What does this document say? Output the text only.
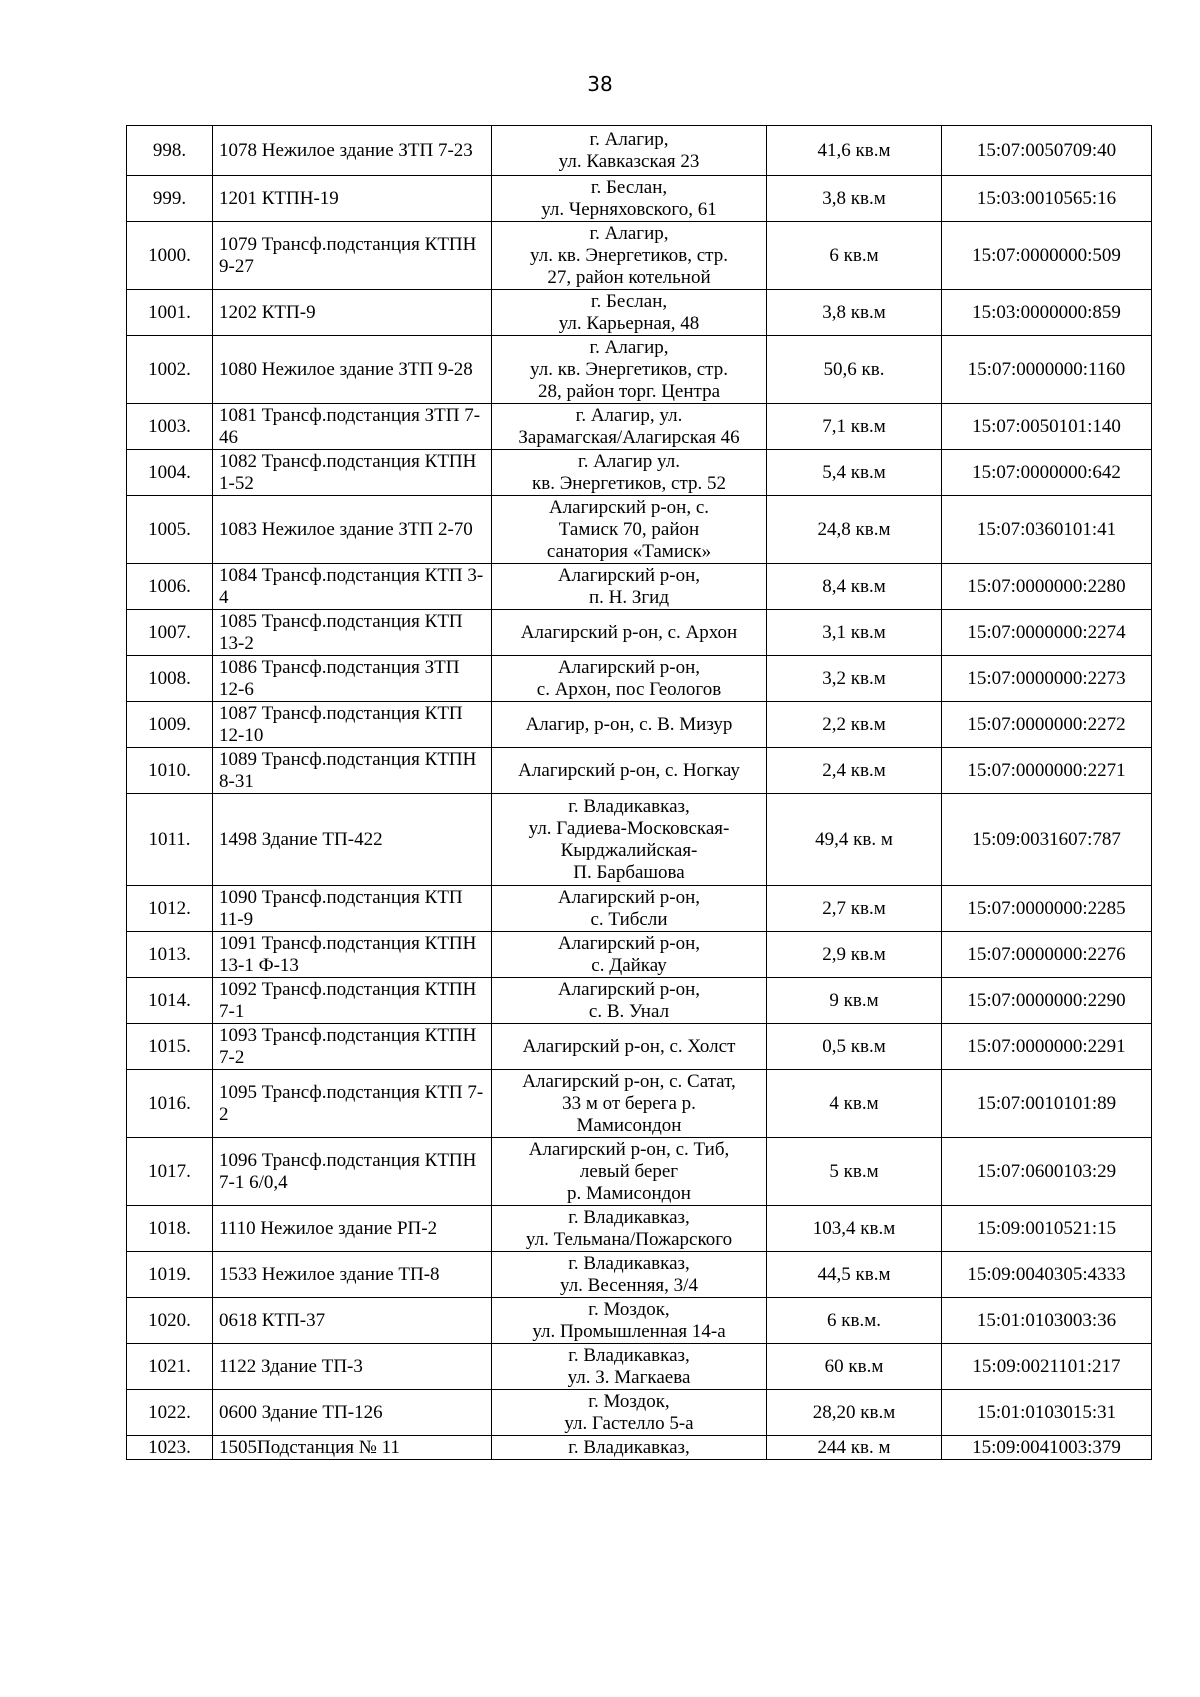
38
998.	1078 Нежилое здание ЗТП 7-23	г. Алагир,
ул. Кавказская 23	41,6 кв.м	15:07:0050709:40
999.	1201 КТПН-19	г. Беслан,
ул. Черняховского, 61	3,8 кв.м	15:03:0010565:16
1000.	1079 Трансф.подстанция КТПН 9-27	г. Алагир,
ул. кв. Энергетиков, стр.
27, район котельной	6 кв.м	15:07:0000000:509
1001.	1202 КТП-9	г. Беслан,
ул. Карьерная, 48	3,8 кв.м	15:03:0000000:859
1002.	1080 Нежилое здание ЗТП 9-28	г. Алагир,
ул. кв. Энергетиков, стр.
28, район торг. Центра	50,6 кв.	15:07:0000000:1160
1003.	1081 Трансф.подстанция ЗТП 7-46	г. Алагир, ул.
Зарамагская/Алагирская 46	7,1 кв.м	15:07:0050101:140
1004.	1082 Трансф.подстанция КТПН 1-52	г. Алагир ул.
кв. Энергетиков, стр. 52	5,4 кв.м	15:07:0000000:642
1005.	1083 Нежилое здание ЗТП 2-70	Алагирский р-он, с.
Тамиск 70, район
санатория «Тамиск»	24,8 кв.м	15:07:0360101:41
1006.	1084 Трансф.подстанция КТП 3-4	Алагирский р-он,
п. Н. Згид	8,4 кв.м	15:07:0000000:2280
1007.	1085 Трансф.подстанция КТП 13-2	Алагирский р-он, с. Архон	3,1 кв.м	15:07:0000000:2274
1008.	1086 Трансф.подстанция ЗТП 12-6	Алагирский р-он,
с. Архон, пос Геологов	3,2 кв.м	15:07:0000000:2273
1009.	1087 Трансф.подстанция КТП 12-10	Алагир, р-он, с. В. Мизур	2,2 кв.м	15:07:0000000:2272
1010.	1089 Трансф.подстанция КТПН 8-31	Алагирский р-он, с. Ногкау	2,4 кв.м	15:07:0000000:2271
1011.	1498 Здание ТП-422	г. Владикавказ,
ул. Гадиева-Московская-
Кырджалийская-
П. Барбашова	49,4 кв. м	15:09:0031607:787
1012.	1090 Трансф.подстанция КТП 11-9	Алагирский р-он,
с. Тибсли	2,7 кв.м	15:07:0000000:2285
1013.	1091 Трансф.подстанция КТПН 13-1 Ф-13	Алагирский р-он,
с. Дайкау	2,9 кв.м	15:07:0000000:2276
1014.	1092 Трансф.подстанция КТПН 7-1	Алагирский р-он,
с. В. Унал	9 кв.м	15:07:0000000:2290
1015.	1093 Трансф.подстанция КТПН 7-2	Алагирский р-он, с. Холст	0,5 кв.м	15:07:0000000:2291
1016.	1095 Трансф.подстанция КТП 7-2	Алагирский р-он, с. Сатат,
33 м от берега р.
Мамисондон	4 кв.м	15:07:0010101:89
1017.	1096 Трансф.подстанция КТПН 7-1 6/0,4	Алагирский р-он, с. Тиб,
левый берег
р. Мамисондон	5 кв.м	15:07:0600103:29
1018.	1110 Нежилое здание РП-2	г. Владикавказ,
ул. Тельмана/Пожарского	103,4 кв.м	15:09:0010521:15
1019.	1533 Нежилое здание ТП-8	г. Владикавказ,
ул. Весенняя, 3/4	44,5 кв.м	15:09:0040305:4333
1020.	0618 КТП-37	г. Моздок,
ул. Промышленная 14-а	6 кв.м.	15:01:0103003:36
1021.	1122 Здание ТП-3	г. Владикавказ,
ул. З. Магкаева	60 кв.м	15:09:0021101:217
1022.	0600 Здание ТП-126	г. Моздок,
ул. Гастелло 5-а	28,20 кв.м	15:01:0103015:31
1023.	1505Подстанция № 11	г. Владикавказ,	244 кв. м	15:09:0041003:379
